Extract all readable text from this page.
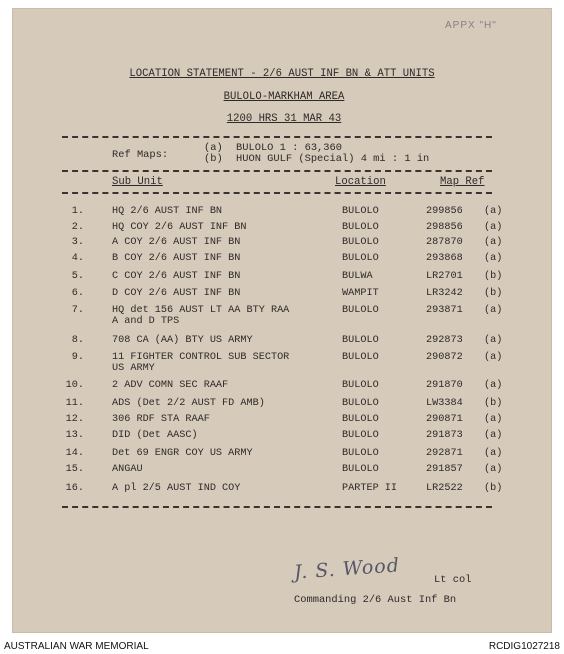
APPX "H"
LOCATION STATEMENT - 2/6 AUST INF BN & ATT UNITS
BULOLO-MARKHAM AREA
1200 HRS 31 MAR 43
Ref Maps:
(a) BULOLO 1 : 63,360
(b) HUON GULF (Special) 4 mi : 1 in
Sub Unit	Location	Map Ref
1.	HQ 2/6 AUST INF BN	BULOLO	299856 (a)
2.	HQ COY 2/6 AUST INF BN	BULOLO	298856 (a)
3.	A COY 2/6 AUST INF BN	BULOLO	287870 (a)
4.	B COY 2/6 AUST INF BN	BULOLO	293868 (a)
5.	C COY 2/6 AUST INF BN	BULWA	LR2701 (b)
6.	D COY 2/6 AUST INF BN	WAMPIT	LR3242 (b)
7.	HQ det 156 AUST LT AA BTY RAA	BULOLO	293871 (a)
A and D TPS
8.	708 CA (AA) BTY US ARMY	BULOLO	292873 (a)
9.	11 FIGHTER CONTROL SUB SECTOR	BULOLO	290872 (a)
US ARMY
10.	2 ADV COMN SEC RAAF	BULOLO	291870 (a)
11.	ADS (Det 2/2 AUST FD AMB)	BULOLO	LW3384 (b)
12.	306 RDF STA RAAF	BULOLO	290871 (a)
13.	DID (Det AASC)	BULOLO	291873 (a)
14.	Det 69 ENGR COY US ARMY	BULOLO	292871 (a)
15.	ANGAU	BULOLO	291857 (a)
16.	A pl 2/5 AUST IND COY	PARTEP II	LR2522 (b)
J. S. Wood	Lt col
Commanding 2/6 Aust Inf Bn
AUSTRALIAN WAR MEMORIAL	RCDIG1027218
